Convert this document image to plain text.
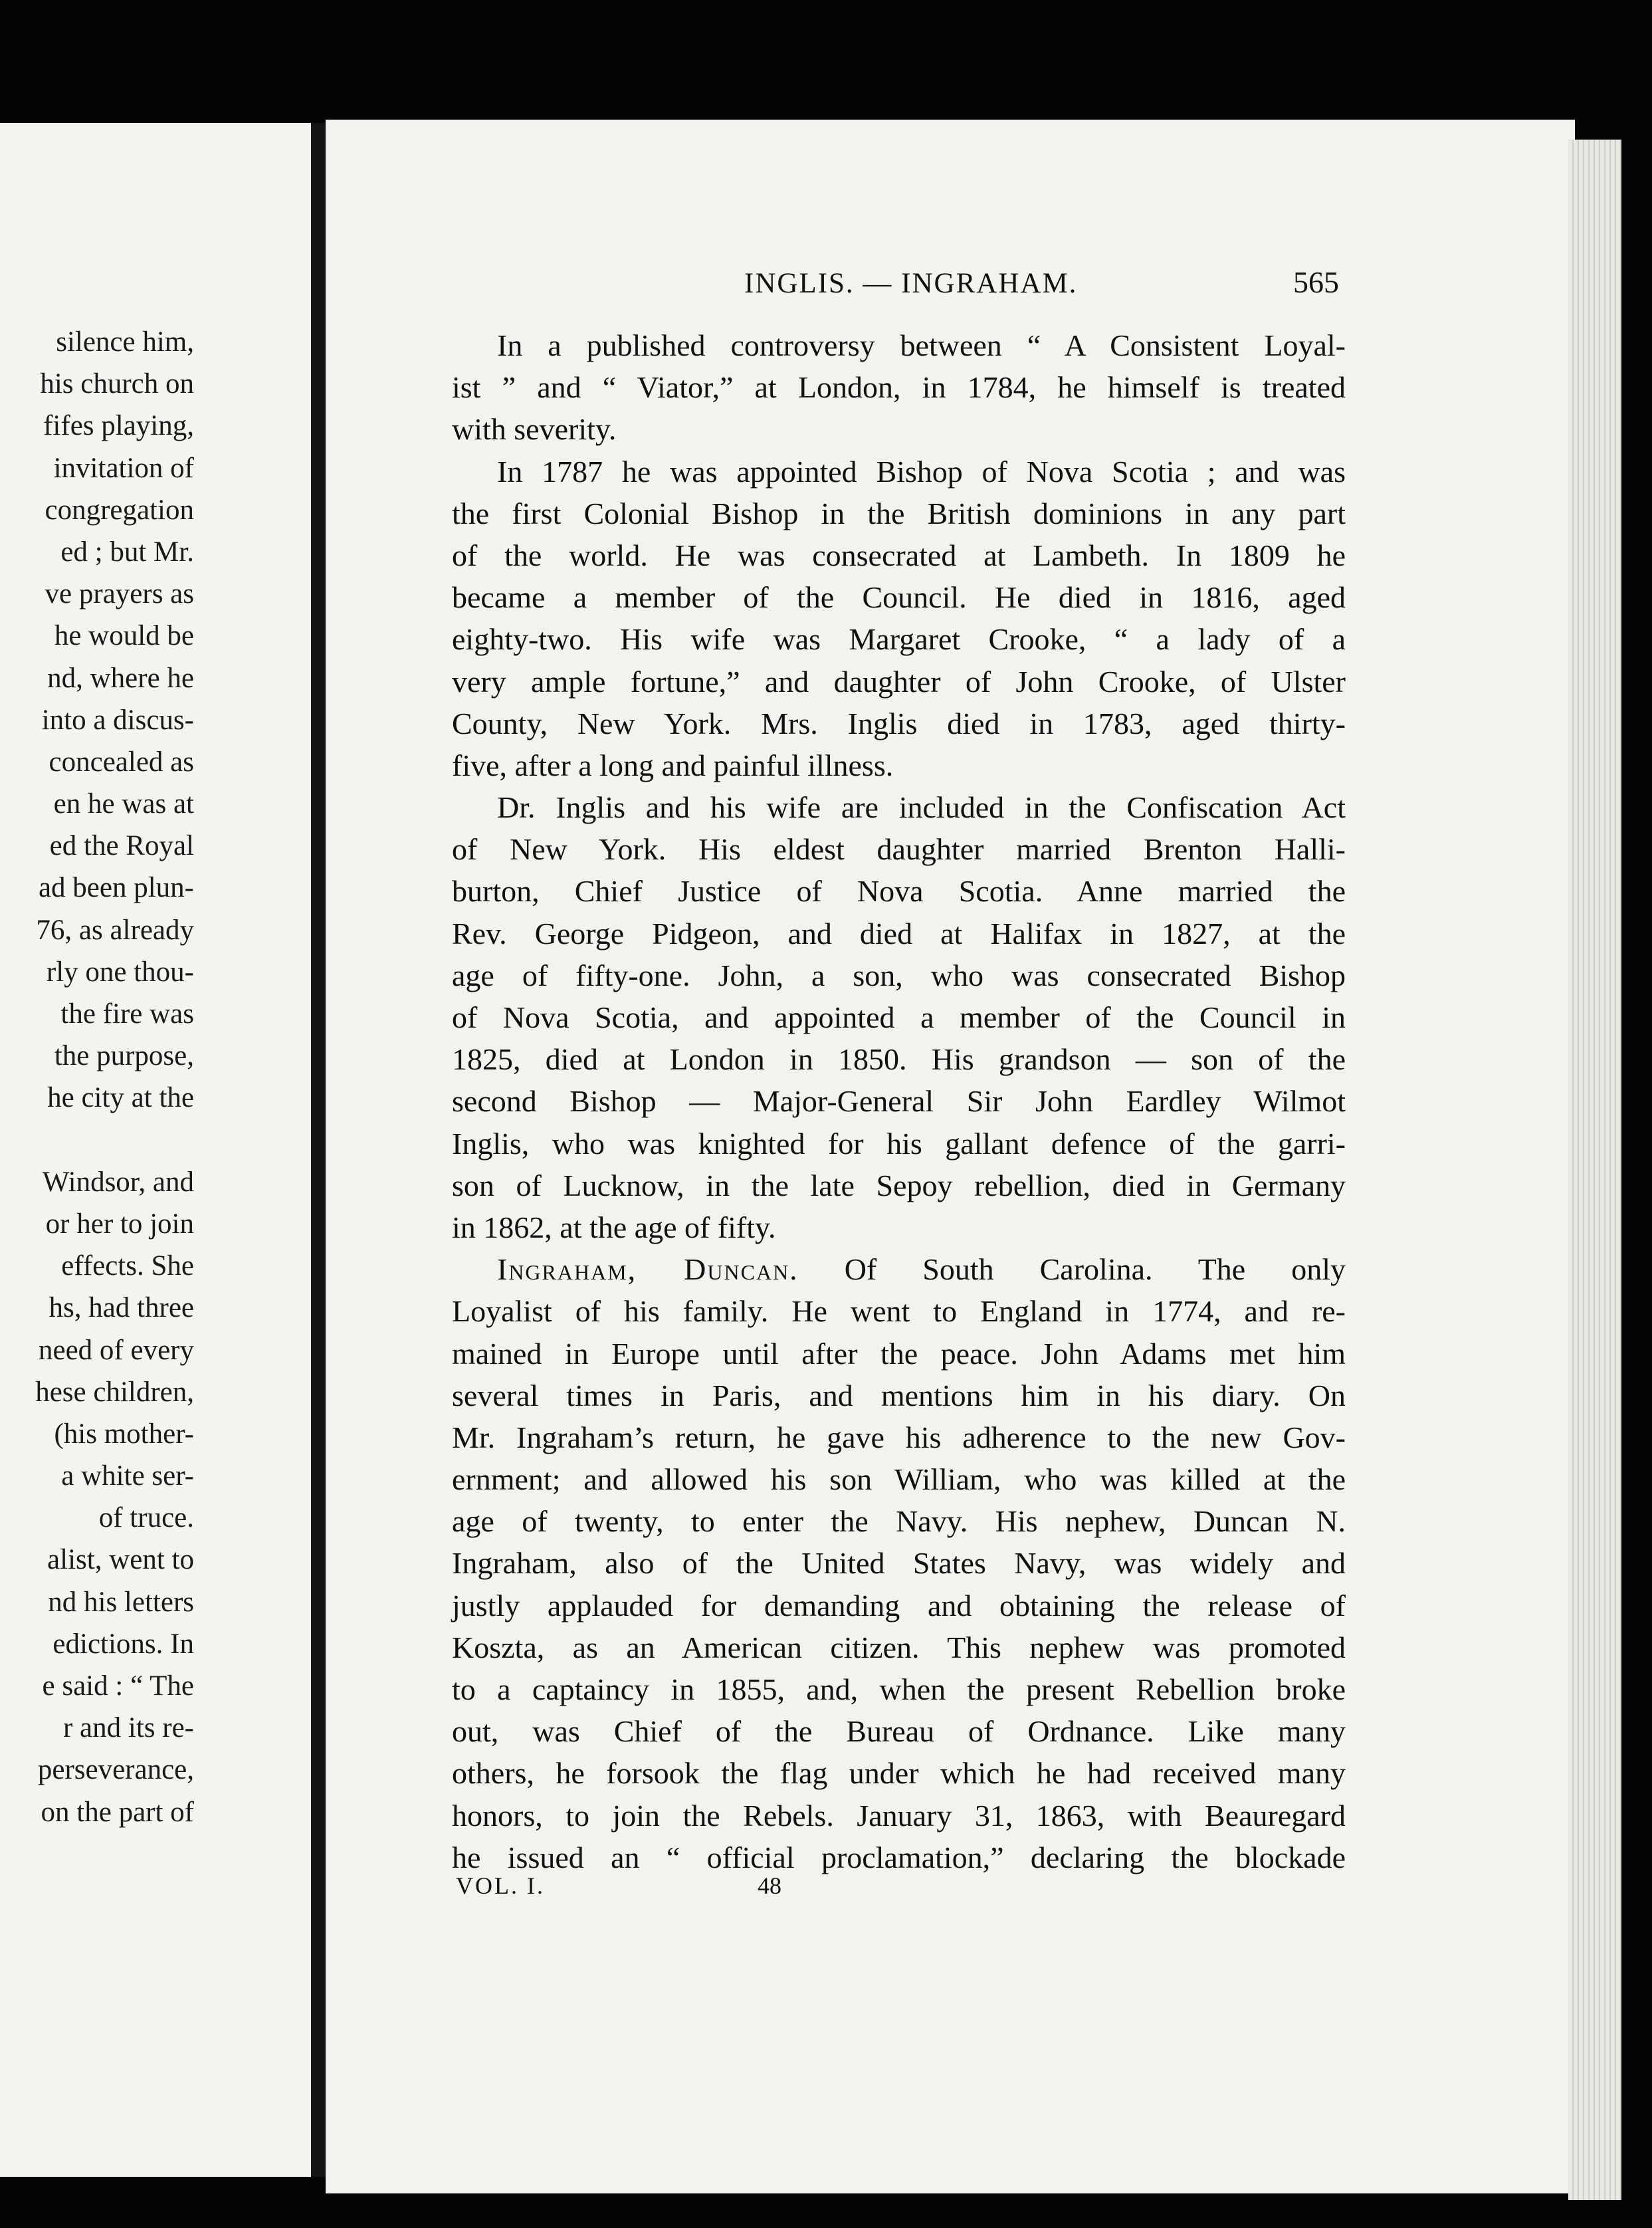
silence him,
his church on
fifes playing,
invitation of
congregation
ed ; but Mr.
ve prayers as
he would be
nd, where he
into a discus-
concealed as
en he was at
ed the Royal
ad been plun-
76, as already
rly one thou-
the fire was
the purpose,
he city at the
Windsor, and
or her to join
effects. She
hs, had three
need of every
hese children,
(his mother-
a white ser-
of truce.
alist, went to
nd his letters
edictions. In
e said : “ The
r and its re-
perseverance,
on the part of
INGLIS. — INGRAHAM.	565
In a published controversy between “ A Consistent Loyal-
ist ” and “ Viator,” at London, in 1784, he himself is treated
with severity.
In 1787 he was appointed Bishop of Nova Scotia ; and was
the first Colonial Bishop in the British dominions in any part
of the world. He was consecrated at Lambeth. In 1809 he
became a member of the Council. He died in 1816, aged
eighty-two. His wife was Margaret Crooke, “ a lady of a
very ample fortune,” and daughter of John Crooke, of Ulster
County, New York. Mrs. Inglis died in 1783, aged thirty-
five, after a long and painful illness.
Dr. Inglis and his wife are included in the Confiscation Act
of New York. His eldest daughter married Brenton Halli-
burton, Chief Justice of Nova Scotia. Anne married the
Rev. George Pidgeon, and died at Halifax in 1827, at the
age of fifty-one. John, a son, who was consecrated Bishop
of Nova Scotia, and appointed a member of the Council in
1825, died at London in 1850. His grandson — son of the
second Bishop — Major-General Sir John Eardley Wilmot
Inglis, who was knighted for his gallant defence of the garri-
son of Lucknow, in the late Sepoy rebellion, died in Germany
in 1862, at the age of fifty.
Ingraham, Duncan. Of South Carolina. The only
Loyalist of his family. He went to England in 1774, and re-
mained in Europe until after the peace. John Adams met him
several times in Paris, and mentions him in his diary. On
Mr. Ingraham’s return, he gave his adherence to the new Gov-
ernment; and allowed his son William, who was killed at the
age of twenty, to enter the Navy. His nephew, Duncan N.
Ingraham, also of the United States Navy, was widely and
justly applauded for demanding and obtaining the release of
Koszta, as an American citizen. This nephew was promoted
to a captaincy in 1855, and, when the present Rebellion broke
out, was Chief of the Bureau of Ordnance. Like many
others, he forsook the flag under which he had received many
honors, to join the Rebels. January 31, 1863, with Beauregard
he issued an “ official proclamation,” declaring the blockade
VOL. I.	48
